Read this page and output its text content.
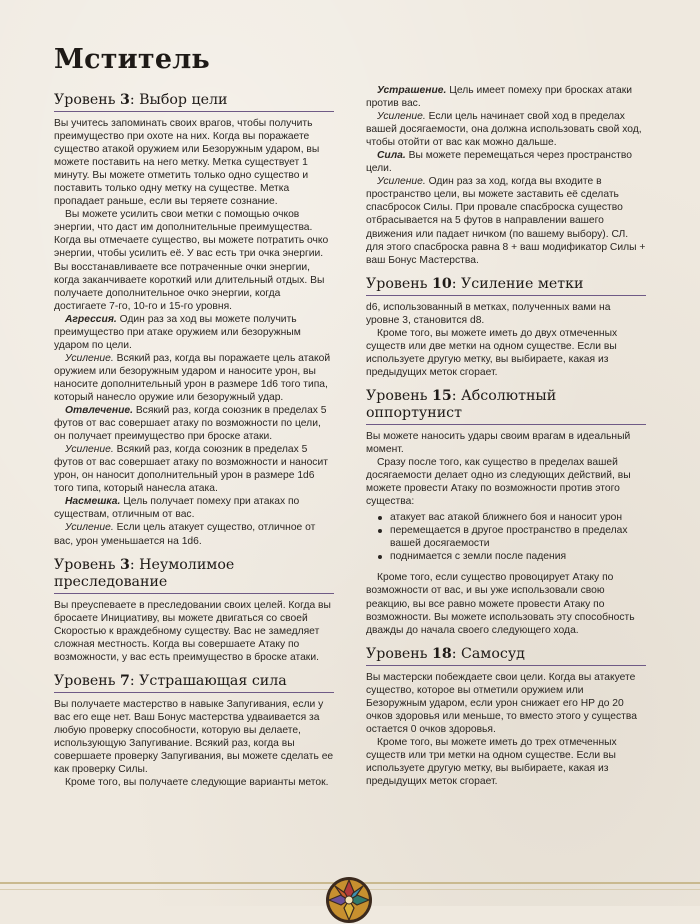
Мститель
Уровень 3: Выбор цели

Вы учитесь запоминать своих врагов, чтобы получить преимущество при охоте на них. Когда вы поражаете существо атакой оружием или Безоружным ударом, вы можете поставить на него метку. Метка существует 1 минуту. Вы можете отметить только одно существо и поставить только одну метку на существе. Метка пропадает раньше, если вы теряете сознание.

Вы можете усилить свои метки с помощью очков энергии, что даст им дополнительные преимущества. Когда вы отмечаете существо, вы можете потратить очко энергии, чтобы усилить её. У вас есть три очка энергии. Вы восстанавливаете все потраченные очки энергии, когда заканчиваете короткий или длительный отдых. Вы получаете дополнительное очко энергии, когда достигаете 7-го, 10-го и 15-го уровня.

Агрессия. Один раз за ход вы можете получить преимущество при атаке оружием или безоружным ударом по цели.

Усиление. Всякий раз, когда вы поражаете цель атакой оружием или безоружным ударом и наносите урон, вы наносите дополнительный урон в размере 1d6 того типа, который нанесло оружие или безоружный удар.

Отвлечение. Всякий раз, когда союзник в пределах 5 футов от вас совершает атаку по возможности по цели, он получает преимущество при броске атаки.

Усиление. Всякий раз, когда союзник в пределах 5 футов от вас совершает атаку по возможности и наносит урон, он наносит дополнительный урон в размере 1d6 того типа, который нанесла атака.

Насмешка. Цель получает помеху при атаках по существам, отличным от вас.

Усиление. Если цель атакует существо, отличное от вас, урон уменьшается на 1d6.

Уровень 3: Неумолимое преследование

Вы преуспеваете в преследовании своих целей. Когда вы бросаете Инициативу, вы можете двигаться со своей Скоростью к враждебному существу. Вас не замедляет сложная местность. Когда вы совершаете Атаку по возможности, у вас есть преимущество в броске атаки.

Уровень 7: Устрашающая сила

Вы получаете мастерство в навыке Запугивания, если у вас его еще нет. Ваш Бонус мастерства удваивается за любую проверку способности, которую вы делаете, использующую Запугивание. Всякий раз, когда вы совершаете проверку Запугивания, вы можете сделать ее как проверку Силы.

Кроме того, вы получаете следующие варианты меток.

Устрашение. Цель имеет помеху при бросках атаки против вас.

Усиление. Если цель начинает свой ход в пределах вашей досягаемости, она должна использовать свой ход, чтобы отойти от вас как можно дальше.

Сила. Вы можете перемещаться через пространство цели.

Усиление. Один раз за ход, когда вы входите в пространство цели, вы можете заставить её сделать спасбросок Силы. При провале спасброска существо отбрасывается на 5 футов в направлении вашего движения или падает ничком (по вашему выбору). СЛ. для этого спасброска равна 8 + ваш модификатор Силы + ваш Бонус Мастерства.

Уровень 10: Усиление метки

d6, использованный в метках, полученных вами на уровне 3, становится d8.

Кроме того, вы можете иметь до двух отмеченных существ или две метки на одном существе. Если вы используете другую метку, вы выбираете, какая из предыдущих меток сгорает.

Уровень 15: Абсолютный оппортунист

Вы можете наносить удары своим врагам в идеальный момент.

Сразу после того, как существо в пределах вашей досягаемости делает одно из следующих действий, вы можете провести Атаку по возможности против этого существа:

атакует вас атакой ближнего боя и наносит урон
перемещается в другое пространство в пределах вашей досягаемости
поднимается с земли после падения

Кроме того, если существо провоцирует Атаку по возможности от вас, и вы уже использовали свою реакцию, вы все равно можете провести Атаку по возможности. Вы можете использовать эту способность дважды до начала своего следующего хода.

Уровень 18: Самосуд

Вы мастерски побеждаете свои цели. Когда вы атакуете существо, которое вы отметили оружием или Безоружным ударом, если урон снижает его HP до 20 очков здоровья или меньше, то вместо этого у существа остается 0 очков здоровья.

Кроме того, вы можете иметь до трех отмеченных существ или три метки на одном существе. Если вы используете другую метку, вы выбираете, какая из предыдущих меток сгорает.
